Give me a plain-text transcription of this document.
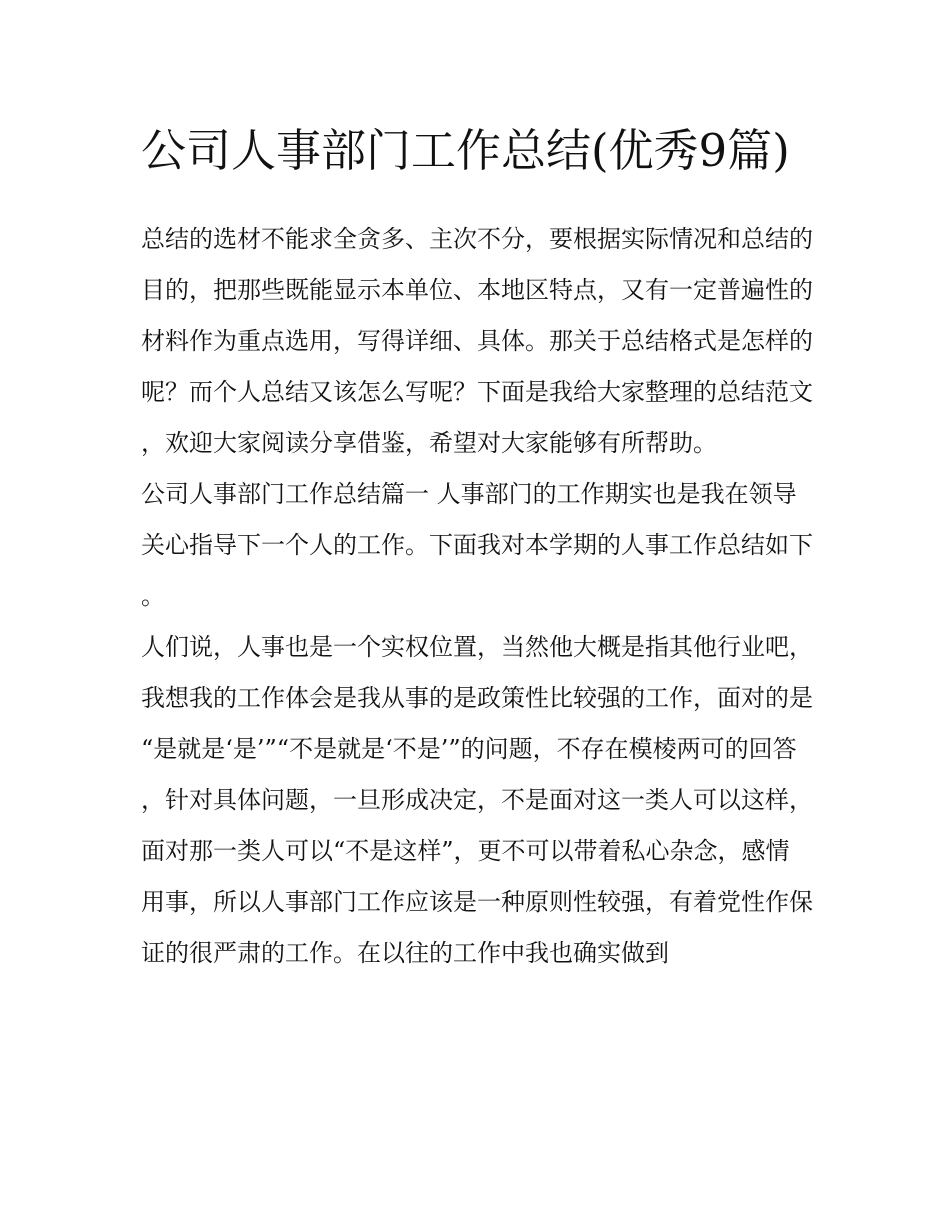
公司人事部门工作总结(优秀9篇)

总结的选材不能求全贪多、主次不分，要根据实际情况和总结的目的，把那些既能显示本单位、本地区特点，又有一定普遍性的材料作为重点选用，写得详细、具体。那关于总结格式是怎样的呢？而个人总结又该怎么写呢？下面是我给大家整理的总结范文，欢迎大家阅读分享借鉴，希望对大家能够有所帮助。

公司人事部门工作总结篇一 人事部门的工作期实也是我在领导关心指导下一个人的工作。下面我对本学期的人事工作总结如下。

人们说，人事也是一个实权位置，当然他大概是指其他行业吧，我想我的工作体会是我从事的是政策性比较强的工作，面对的是“是就是‘是’”“不是就是‘不是’”的问题，不存在模棱两可的回答，针对具体问题，一旦形成决定，不是面对这一类人可以这样，面对那一类人可以“不是这样”，更不可以带着私心杂念，感情用事，所以人事部门工作应该是一种原则性较强，有着党性作保证的很严肃的工作。在以往的工作中我也确实做到
